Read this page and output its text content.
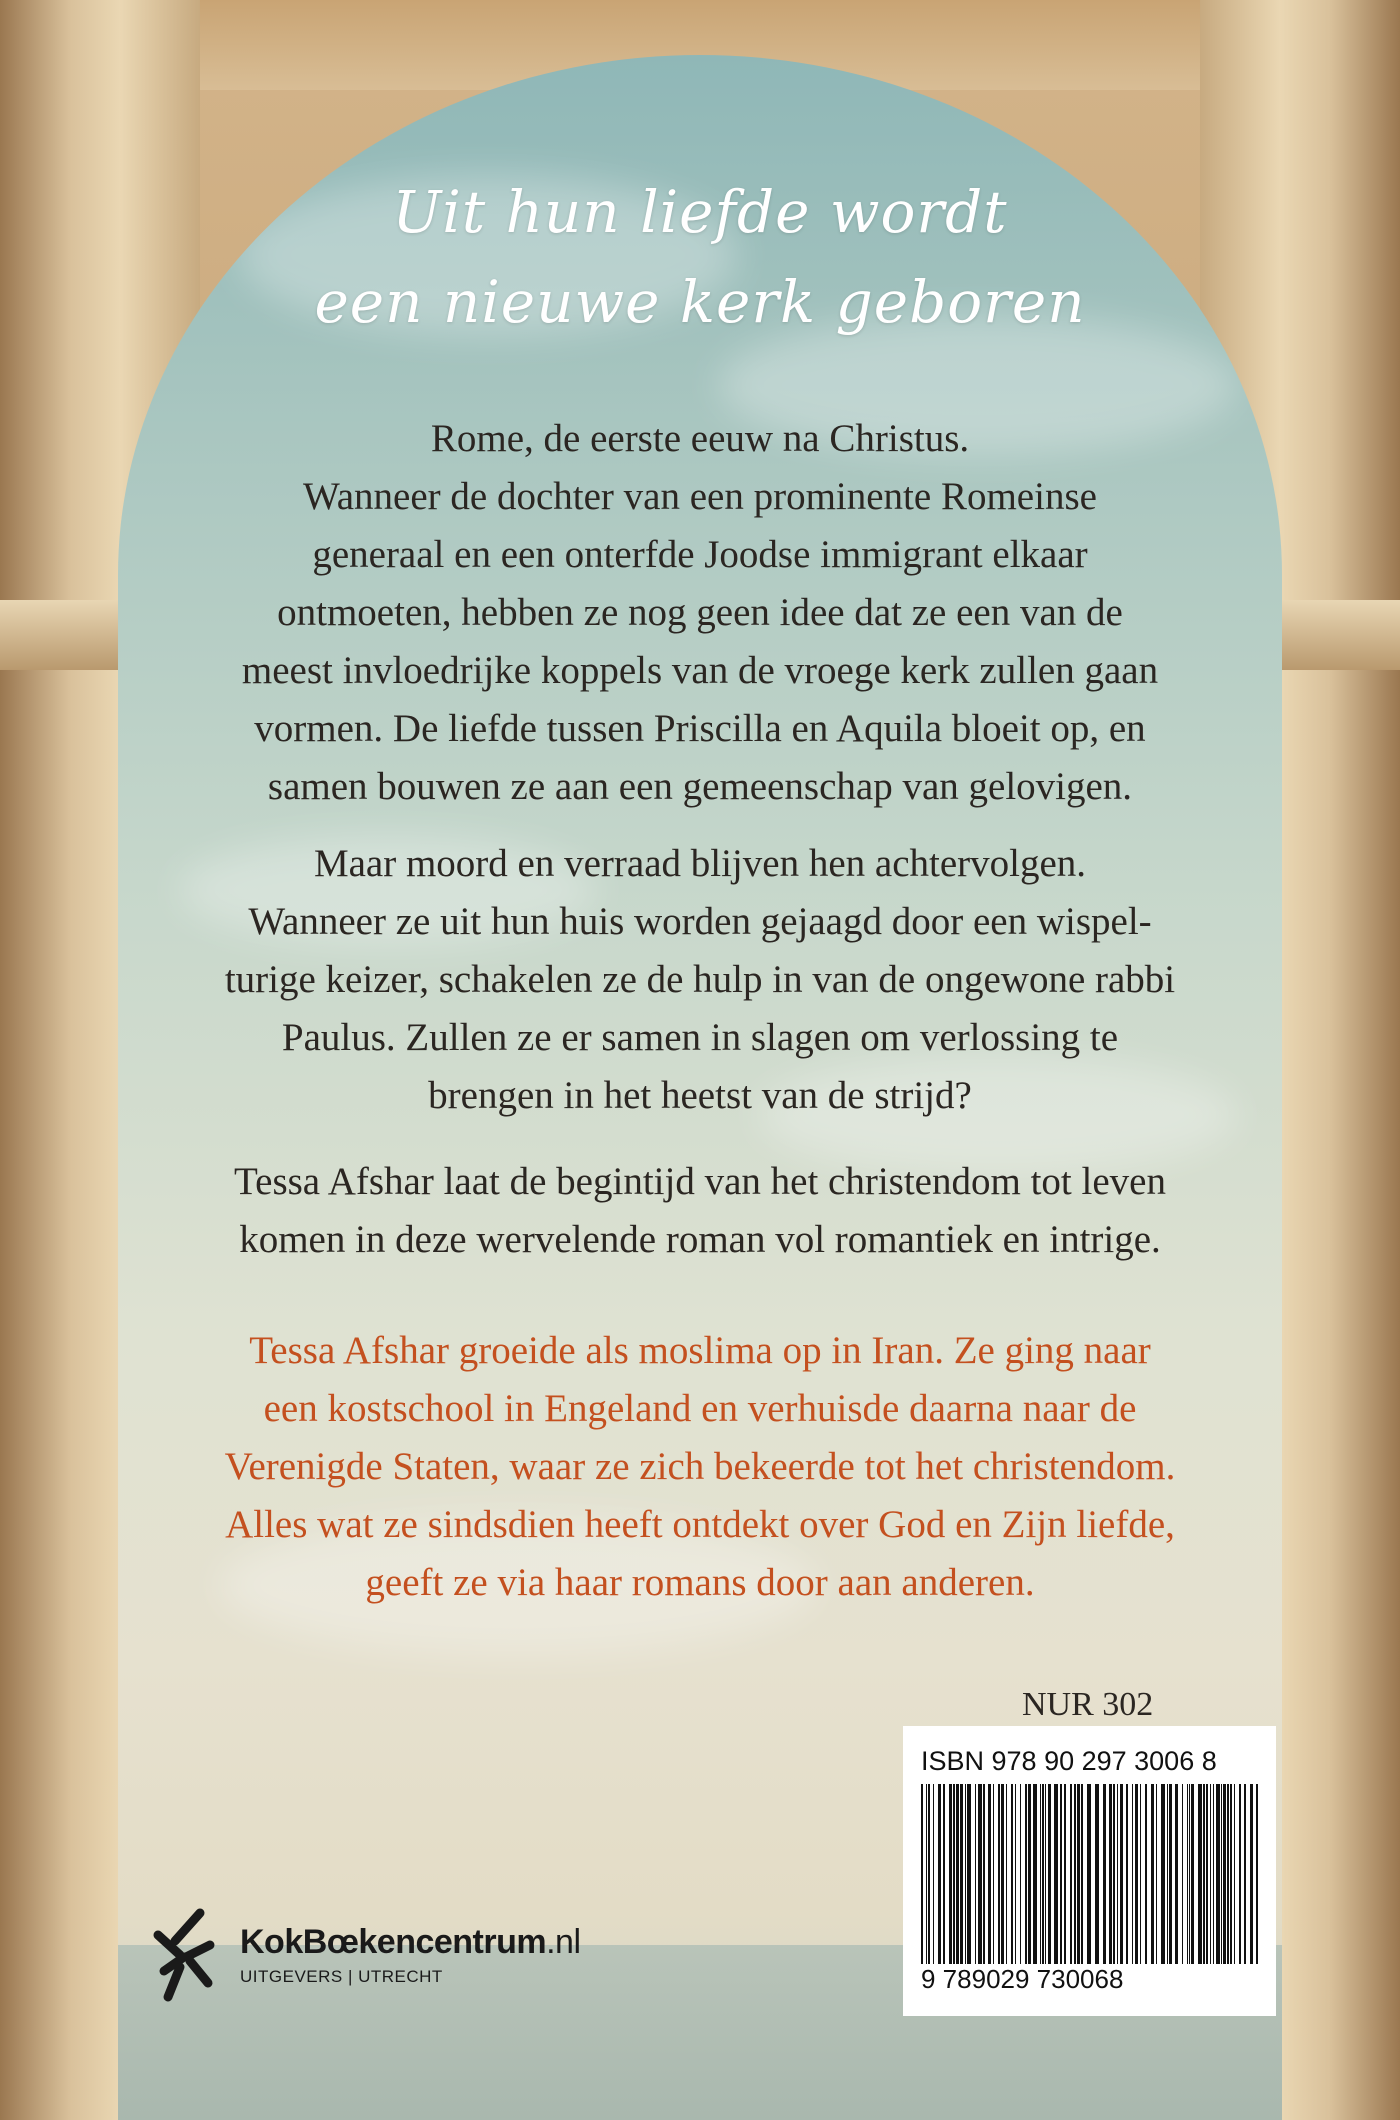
Uit hun liefde wordt
een nieuwe kerk geboren
Rome, de eerste eeuw na Christus.
Wanneer de dochter van een prominente Romeinse
generaal en een onterfde Joodse immigrant elkaar
ontmoeten, hebben ze nog geen idee dat ze een van de
meest invloedrijke koppels van de vroege kerk zullen gaan
vormen. De liefde tussen Priscilla en Aquila bloeit op, en
samen bouwen ze aan een gemeenschap van gelovigen.
Maar moord en verraad blijven hen achtervolgen.
Wanneer ze uit hun huis worden gejaagd door een wispel-
turige keizer, schakelen ze de hulp in van de ongewone rabbi
Paulus. Zullen ze er samen in slagen om verlossing te
brengen in het heetst van de strijd?
Tessa Afshar laat de begintijd van het christendom tot leven
komen in deze wervelende roman vol romantiek en intrige.
Tessa Afshar groeide als moslima op in Iran. Ze ging naar
een kostschool in Engeland en verhuisde daarna naar de
Verenigde Staten, waar ze zich bekeerde tot het christendom.
Alles wat ze sindsdien heeft ontdekt over God en Zijn liefde,
geeft ze via haar romans door aan anderen.
NUR 302
ISBN 978 90 297 3006 8
9 789029 730068
KokBœkencentrum.nl
UITGEVERS | UTRECHT
